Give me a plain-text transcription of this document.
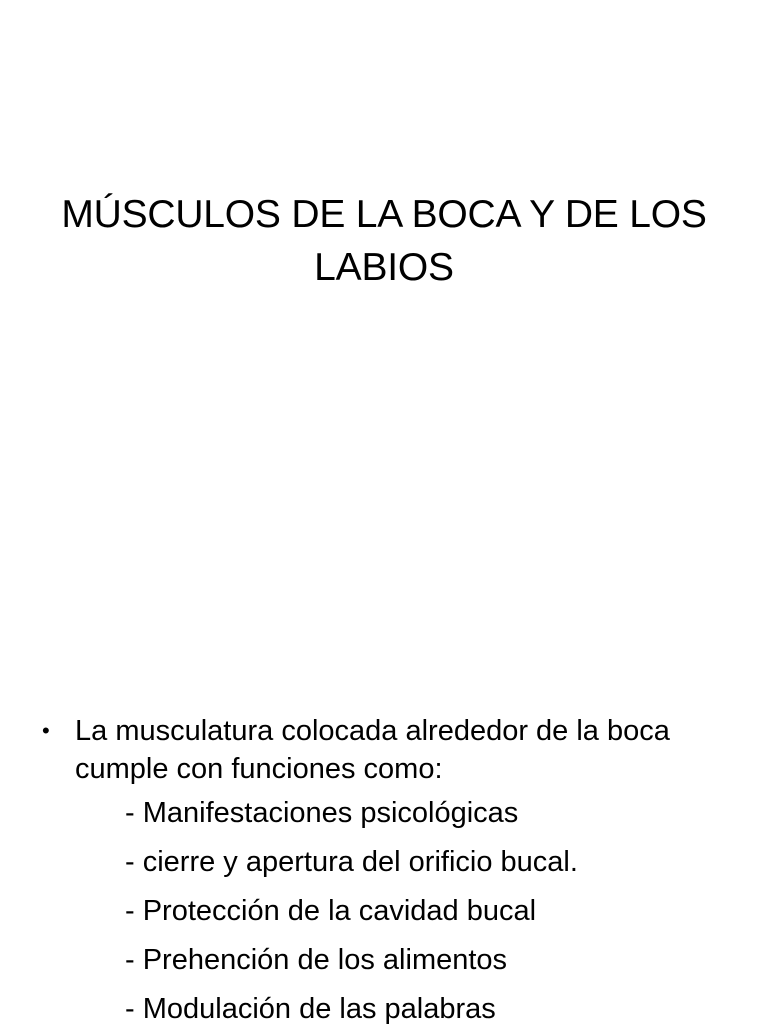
MÚSCULOS DE LA BOCA Y DE LOS LABIOS
• La musculatura colocada alrededor de la boca cumple con funciones como:
- Manifestaciones psicológicas
- cierre y apertura del orificio bucal.
- Protección de la cavidad bucal
- Prehención de los alimentos
- Modulación de las palabras
